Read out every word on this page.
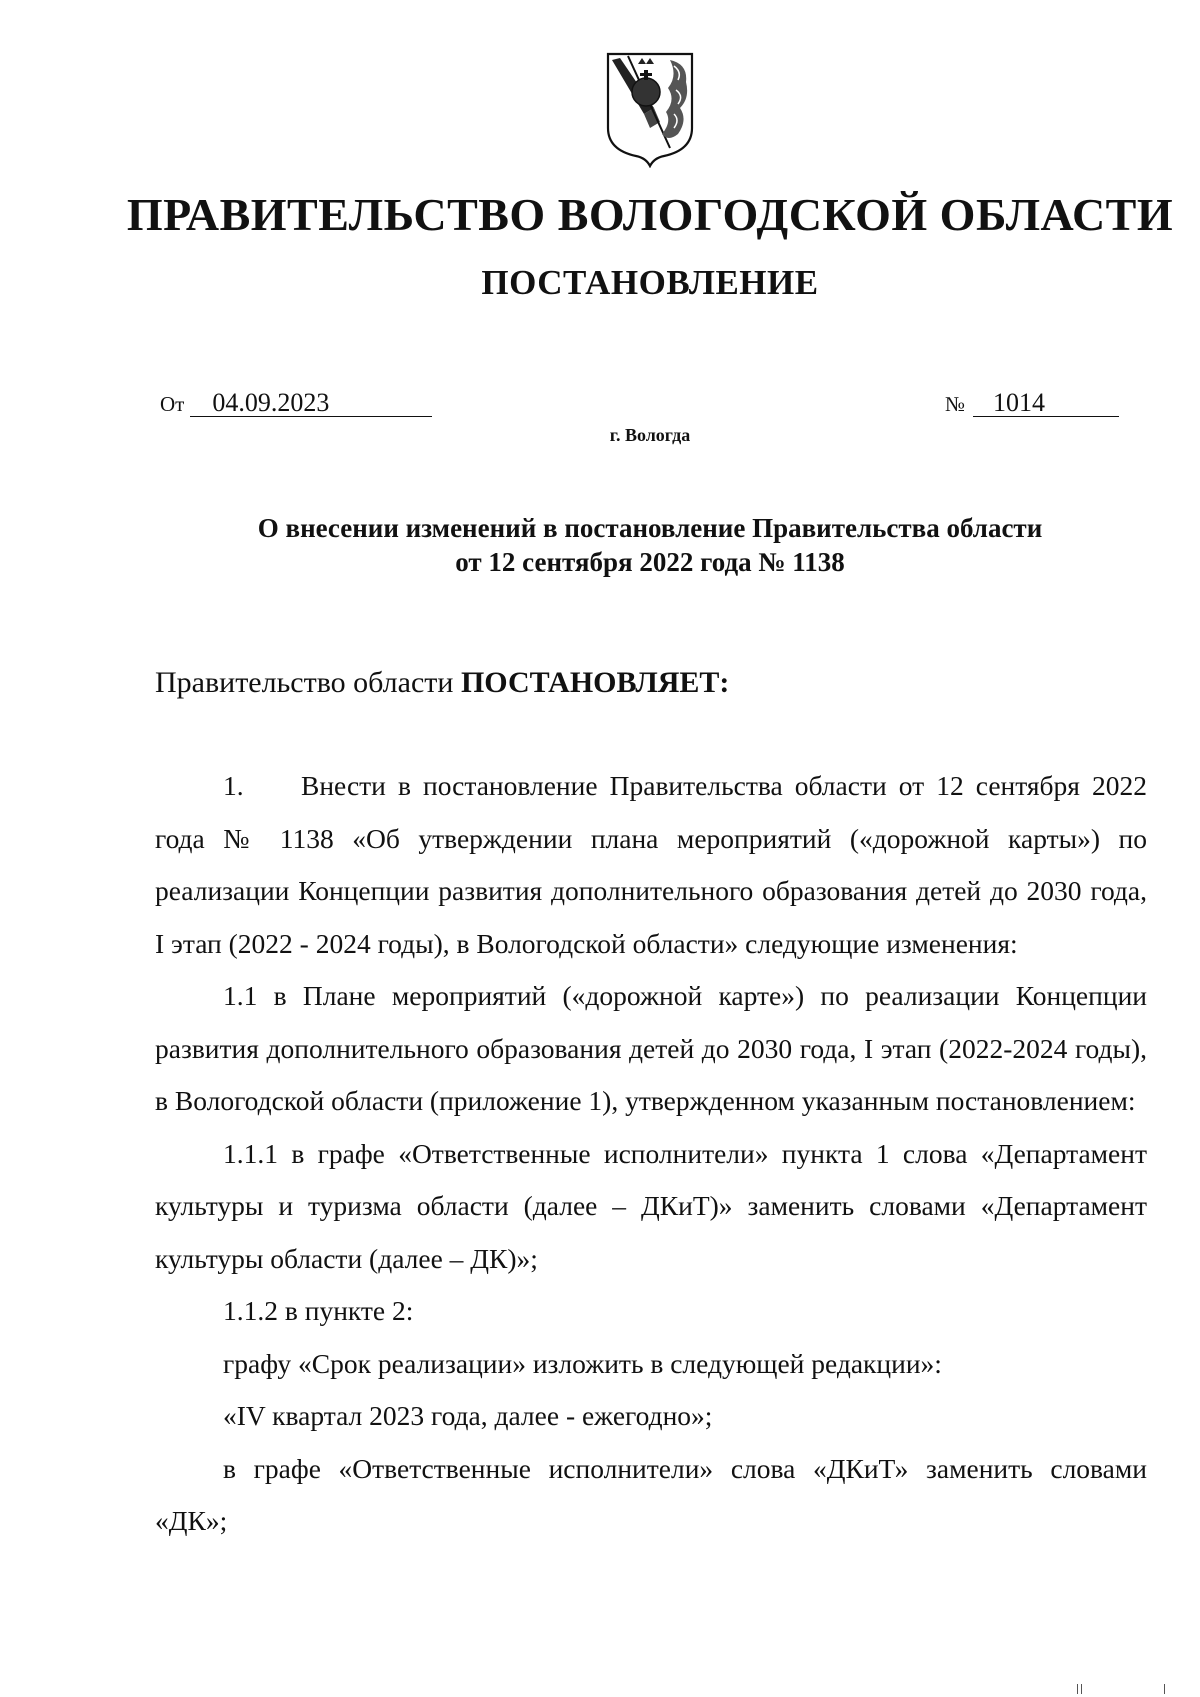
ПРАВИТЕЛЬСТВО ВОЛОГОДСКОЙ ОБЛАСТИ
ПОСТАНОВЛЕНИЕ
От 04.09.2023	№ 1014
г. Вологда
О внесении изменений в постановление Правительства области
от 12 сентября 2022 года № 1138
Правительство области ПОСТАНОВЛЯЕТ:

1. Внести в постановление Правительства области от 12 сентября 2022 года № 1138 «Об утверждении плана мероприятий («дорожной карты») по реализации Концепции развития дополнительного образования детей до 2030 года, I этап (2022 - 2024 годы), в Вологодской области» следующие изменения:

1.1 в Плане мероприятий («дорожной карте») по реализации Концепции развития дополнительного образования детей до 2030 года, I этап (2022-2024 годы), в Вологодской области (приложение 1), утвержденном указанным постановлением:

1.1.1 в графе «Ответственные исполнители» пункта 1 слова «Департамент культуры и туризма области (далее – ДКиТ)» заменить словами «Департамент культуры области (далее – ДК)»;

1.1.2 в пункте 2:

графу «Срок реализации» изложить в следующей редакции»:

«IV квартал 2023 года, далее - ежегодно»;

в графе «Ответственные исполнители» слова «ДКиТ» заменить словами «ДК»;
